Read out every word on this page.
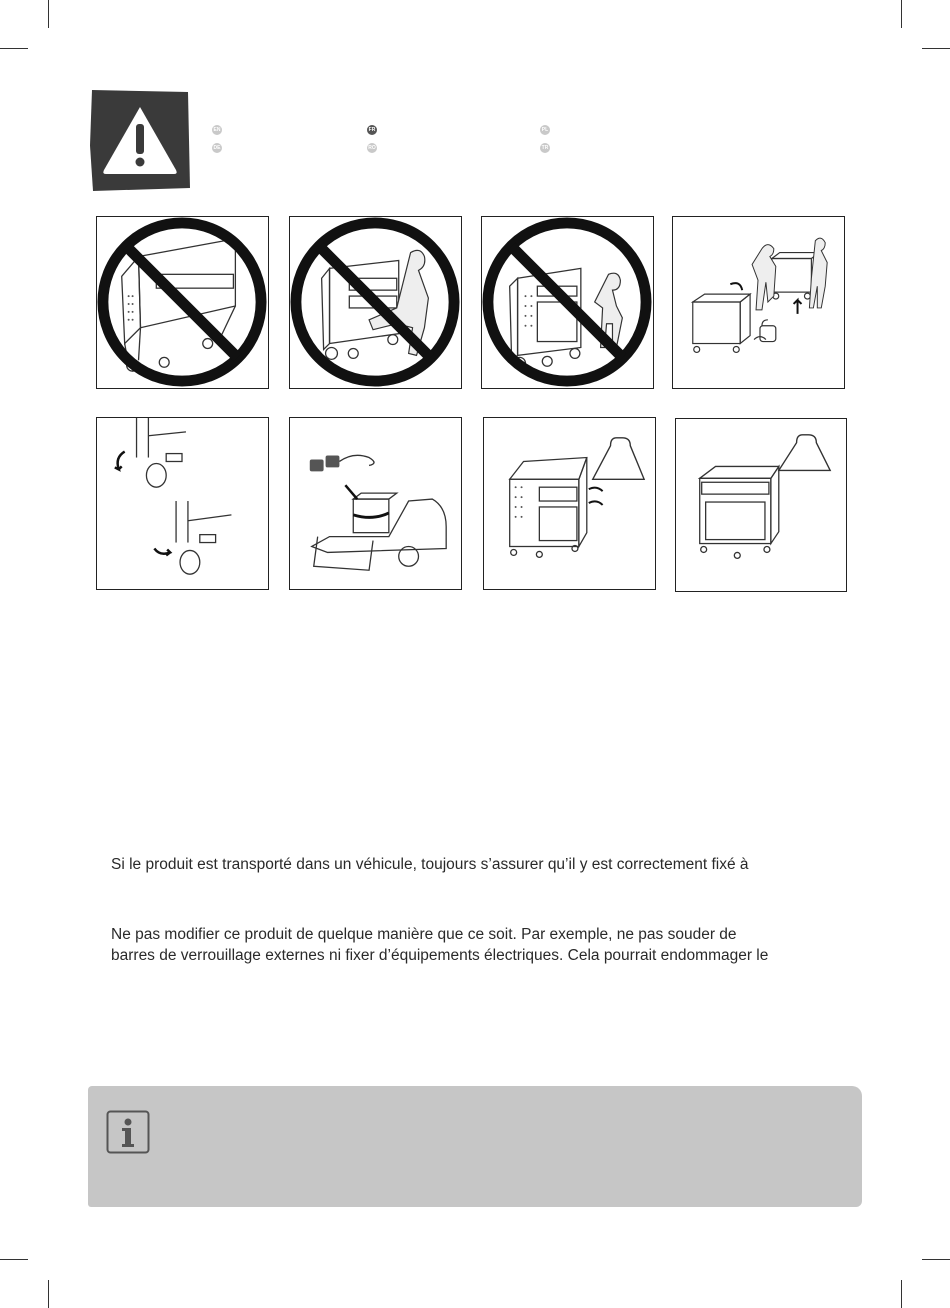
EN	FR	PL
DE	RO	TR
Si le produit est transporté dans un véhicule, toujours s’assurer qu’il y est correctement fixé à
Ne pas modifier ce produit de quelque manière que ce soit. Par exemple, ne pas souder de
barres de verrouillage externes ni fixer d’équipements électriques. Cela pourrait endommager le
